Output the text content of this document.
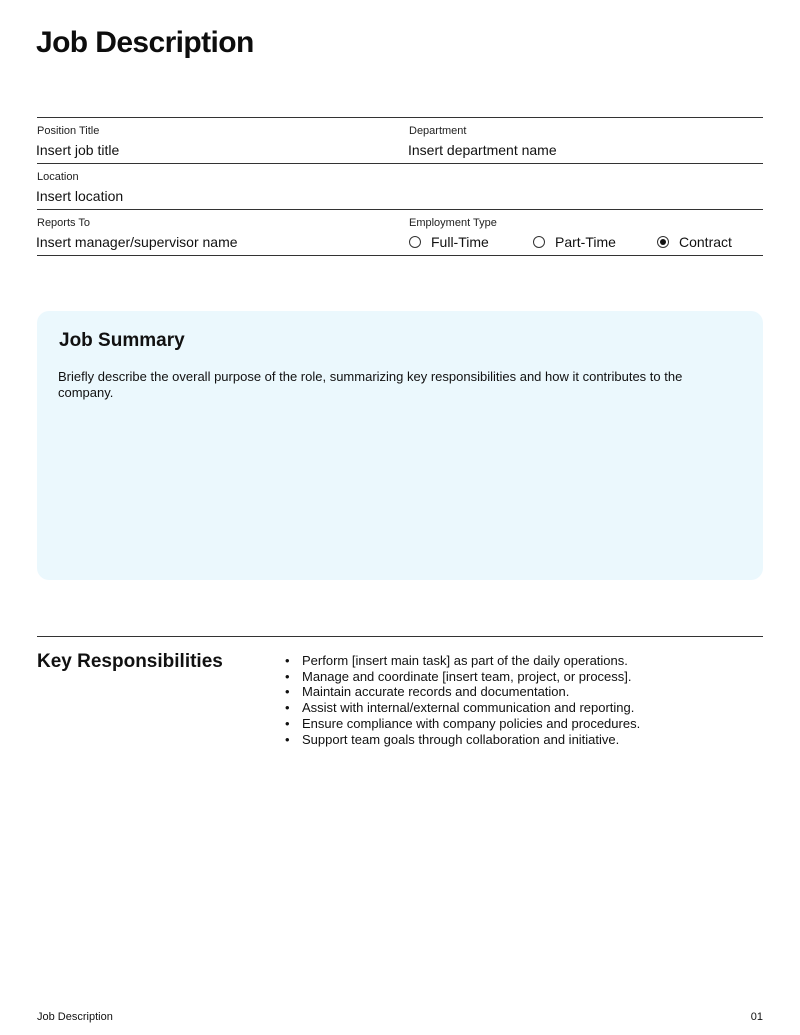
Job Description
Position Title
Insert job title
Department
Insert department name
Location
Insert location
Reports To
Insert manager/supervisor name
Employment Type
Full-Time	Part-Time	Contract
Job Summary

Briefly describe the overall purpose of the role, summarizing key responsibilities and how it contributes to the company.

Key Responsibilities
•	Perform [insert main task] as part of the daily operations.
• Manage and coordinate [insert team, project, or process].
• Maintain accurate records and documentation.
• Assist with internal/external communication and reporting.
• Ensure compliance with company policies and procedures.
• Support team goals through collaboration and initiative.
Job Description	01
